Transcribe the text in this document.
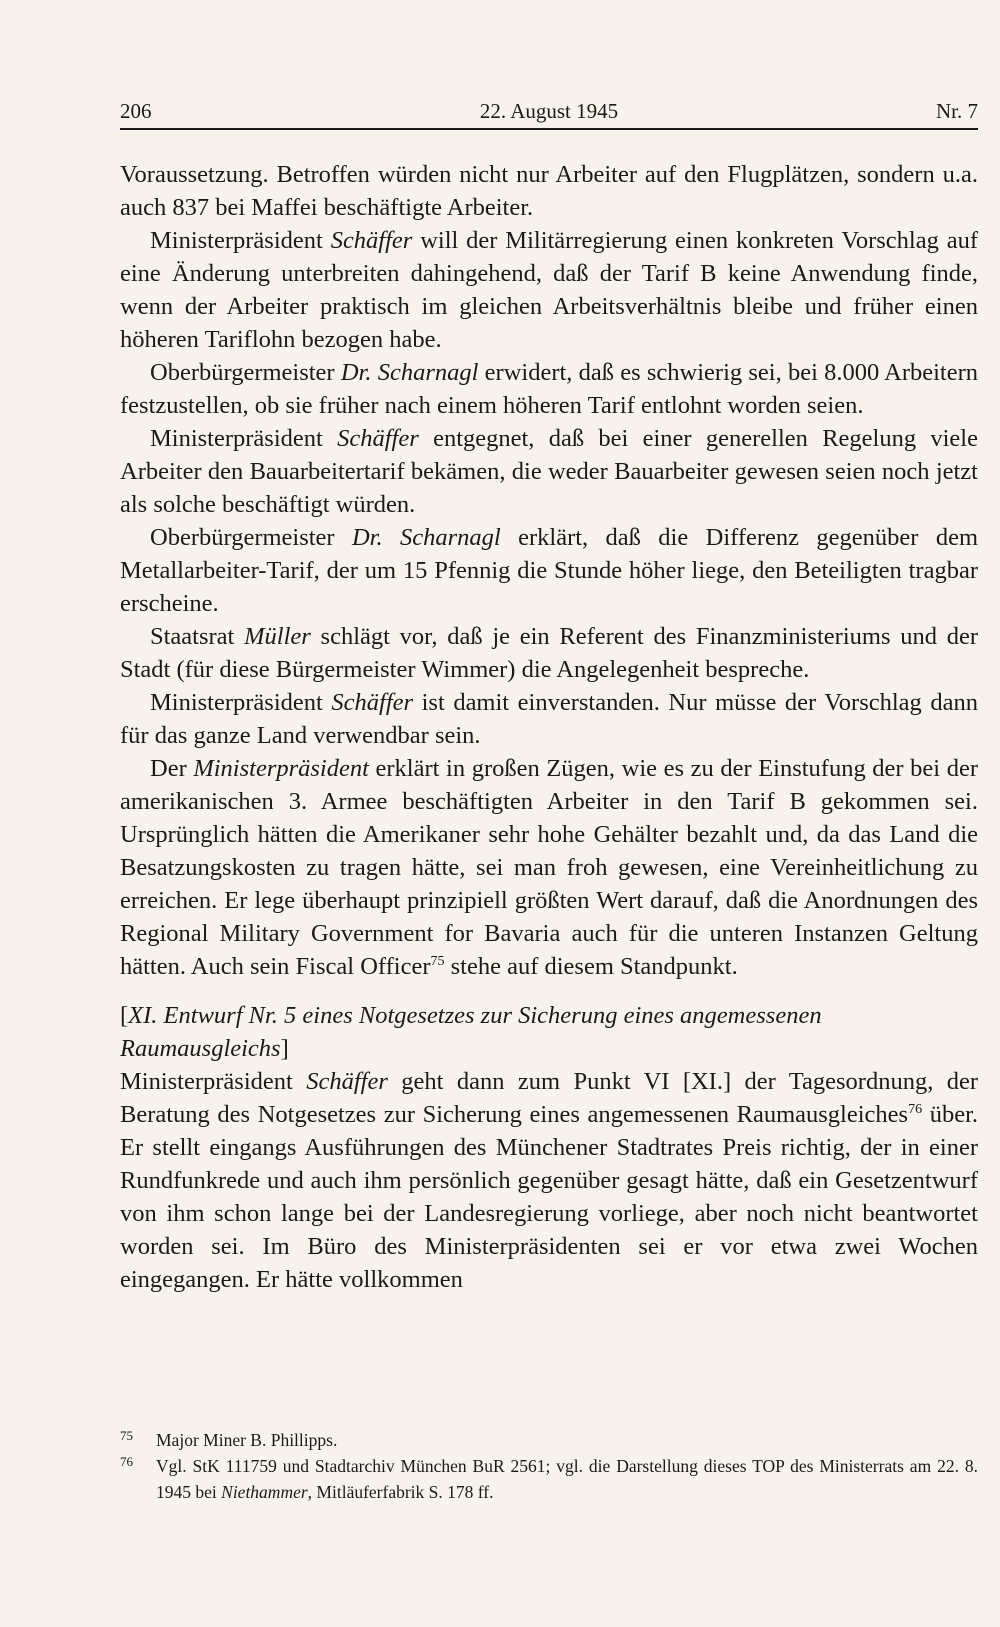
206	22. August 1945	Nr. 7

Voraussetzung. Betroffen würden nicht nur Arbeiter auf den Flugplätzen, sondern u.a. auch 837 bei Maffei beschäftigte Arbeiter.

Ministerpräsident Schäffer will der Militärregierung einen konkreten Vorschlag auf eine Änderung unterbreiten dahingehend, daß der Tarif B keine Anwendung finde, wenn der Arbeiter praktisch im gleichen Arbeitsverhältnis bleibe und früher einen höheren Tariflohn bezogen habe.

Oberbürgermeister Dr. Scharnagl erwidert, daß es schwierig sei, bei 8.000 Arbeitern festzustellen, ob sie früher nach einem höheren Tarif entlohnt worden seien.

Ministerpräsident Schäffer entgegnet, daß bei einer generellen Regelung viele Arbeiter den Bauarbeitertarif bekämen, die weder Bauarbeiter gewesen seien noch jetzt als solche beschäftigt würden.

Oberbürgermeister Dr. Scharnagl erklärt, daß die Differenz gegenüber dem Metallarbeiter-Tarif, der um 15 Pfennig die Stunde höher liege, den Beteiligten tragbar erscheine.

Staatsrat Müller schlägt vor, daß je ein Referent des Finanzministeriums und der Stadt (für diese Bürgermeister Wimmer) die Angelegenheit bespreche.

Ministerpräsident Schäffer ist damit einverstanden. Nur müsse der Vorschlag dann für das ganze Land verwendbar sein.

Der Ministerpräsident erklärt in großen Zügen, wie es zu der Einstufung der bei der amerikanischen 3. Armee beschäftigten Arbeiter in den Tarif B gekommen sei. Ursprünglich hätten die Amerikaner sehr hohe Gehälter bezahlt und, da das Land die Besatzungskosten zu tragen hätte, sei man froh gewesen, eine Vereinheitlichung zu erreichen. Er lege überhaupt prinzipiell größten Wert darauf, daß die Anordnungen des Regional Military Government for Bavaria auch für die unteren Instanzen Geltung hätten. Auch sein Fiscal Officer$^{75}$ stehe auf diesem Standpunkt.

[XI. Entwurf Nr. 5 eines Notgesetzes zur Sicherung eines angemessenen Raumausgleichs]

Ministerpräsident Schäffer geht dann zum Punkt VI [XI.] der Tagesordnung, der Beratung des Notgesetzes zur Sicherung eines angemessenen Raumausgleiches$^{76}$ über. Er stellt eingangs Ausführungen des Münchener Stadtrates Preis richtig, der in einer Rundfunkrede und auch ihm persönlich gegenüber gesagt hätte, daß ein Gesetzentwurf von ihm schon lange bei der Landesregierung vorliege, aber noch nicht beantwortet worden sei. Im Büro des Ministerpräsidenten sei er vor etwa zwei Wochen eingegangen. Er hätte vollkommen

$^{75}$ Major Miner B. Phillipps.
$^{76}$ Vgl. StK 111759 und Stadtarchiv München BuR 2561; vgl. die Darstellung dieses TOP des Ministerrats am 22. 8. 1945 bei Niethammer, Mitläuferfabrik S. 178 ff.
